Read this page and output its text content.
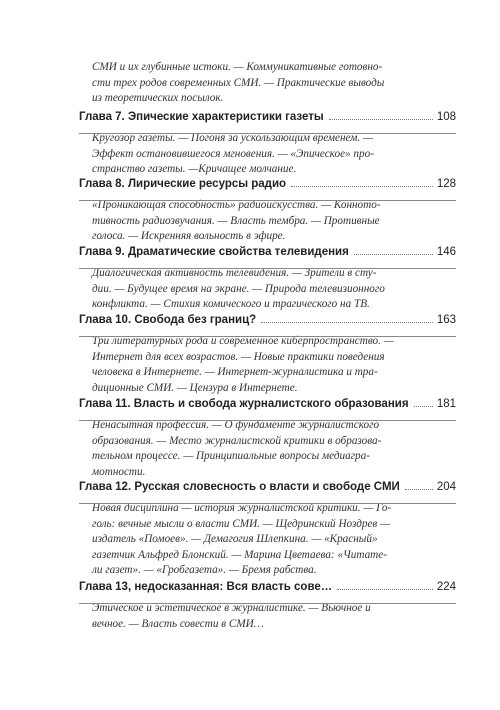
СМИ и их глубинные истоки. — Коммуникативные готовно-
сти трех родов современных СМИ. — Практические выводы
из теоретических посылок.
Глава 7. Эпические характеристики газеты	108
Кругозор газеты. — Погоня за ускользающим временем. —
Эффект остановившегося мгновения. — «Эпическое» про-
странство газеты. —Кричащее молчание.
Глава 8. Лирические ресурсы радио	128
«Проникающая способность» радиоискусства. — Конното-
тивность радиозвучания. — Власть тембра. — Противные
голоса. — Искренняя вольность в эфире.
Глава 9. Драматические свойства телевидения	146
Диалогическая активность телевидения. — Зрители в сту-
дии. — Будущее время на экране. — Природа телевизионного
конфликта. — Стихия комического и трагического на ТВ.
Глава 10. Свобода без границ?	163
Три литературных рода и современное киберпространство. —
Интернет для всех возрастов. — Новые практики поведения
человека в Интернете. — Интернет-журналистика и тра-
диционные СМИ. — Цензура в Интернете.
Глава 11. Власть и свобода журналистского образования 181
Ненасытная профессия. — О фундаменте журналистского
образования. — Место журналистской критики в образова-
тельном процессе. — Принципиальные вопросы медиагра-
мотности.
Глава 12. Русская словесность о власти и свободе СМИ	204
Новая дисциплина — история журналистской критики. — Го-
голь: вечные мысли о власти СМИ. — Щедринский Ноздрев —
издатель «Помоев». — Демагогия Шлепкина. — «Красный»
газетчик Альфред Блонский. — Марина Цветаева: «Читате-
ли газет». — «Гробгазета». — Бремя рабства.
Глава 13, недосказанная: Вся власть сове…	224
Этическое и эстетическое в журналистике. — Вьючное и
вечное. — Власть совести в СМИ…
